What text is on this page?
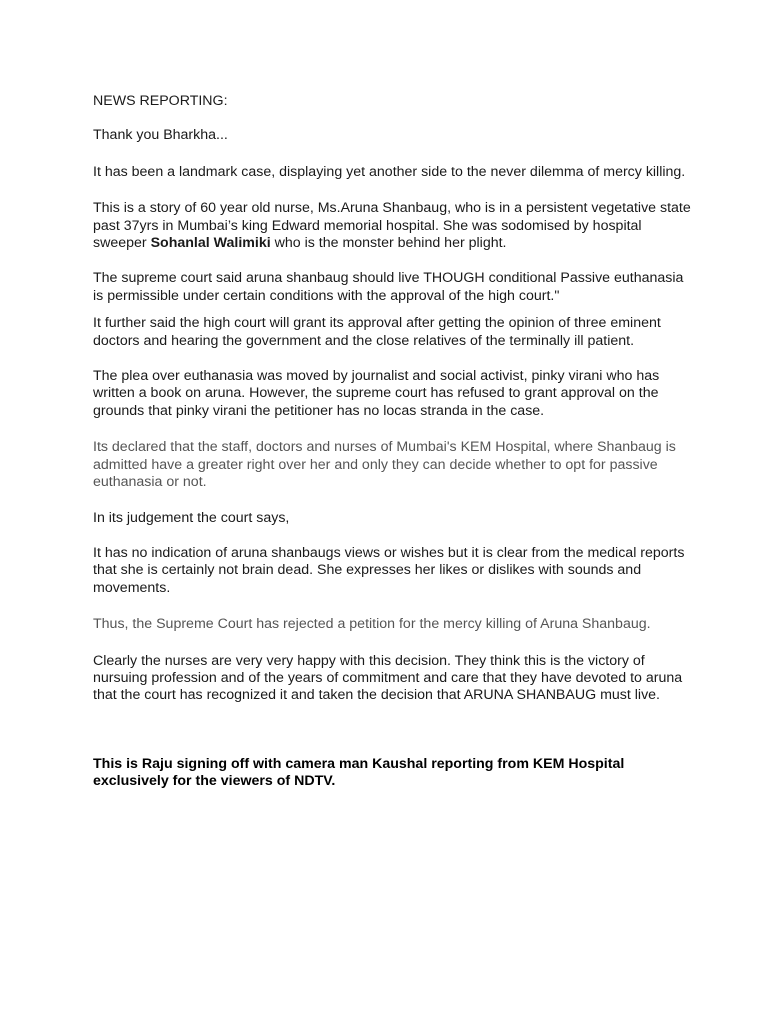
NEWS REPORTING:

Thank you Bharkha...

It has been a landmark case, displaying yet another side to the never dilemma of mercy killing.

This is a story of 60 year old nurse, Ms.Aruna Shanbaug, who is in a persistent vegetative state past 37yrs in Mumbai’s king Edward memorial hospital. She was sodomised by hospital sweeper Sohanlal Walimiki who is the monster behind her plight.

The supreme court said aruna shanbaug should live THOUGH conditional Passive euthanasia is permissible under certain conditions with the approval of the high court."

It further said the high court will grant its approval after getting the opinion of three eminent doctors and hearing the government and the close relatives of the terminally ill patient.

The plea over euthanasia was moved by journalist and social activist, pinky virani who has written a book on aruna. However, the supreme court has refused to grant approval on the grounds that pinky virani the petitioner has no locas stranda in the case.

Its declared that the staff, doctors and nurses of Mumbai's KEM Hospital, where Shanbaug is admitted have a greater right over her and only they can decide whether to opt for passive euthanasia or not.

In its judgement the court says,

It has no indication of aruna shanbaugs views or wishes but it is clear from the medical reports that she is certainly not brain dead. She expresses her likes or dislikes with sounds and movements.

Thus, the Supreme Court has rejected a petition for the mercy killing of Aruna Shanbaug.

Clearly the nurses are very very happy with this decision. They think this is the victory of nursuing profession and of the years of commitment and care that they have devoted to aruna that the court has recognized it and taken the decision that ARUNA SHANBAUG must live.

This is Raju signing off with camera man Kaushal reporting from KEM Hospital exclusively for the viewers of NDTV.
